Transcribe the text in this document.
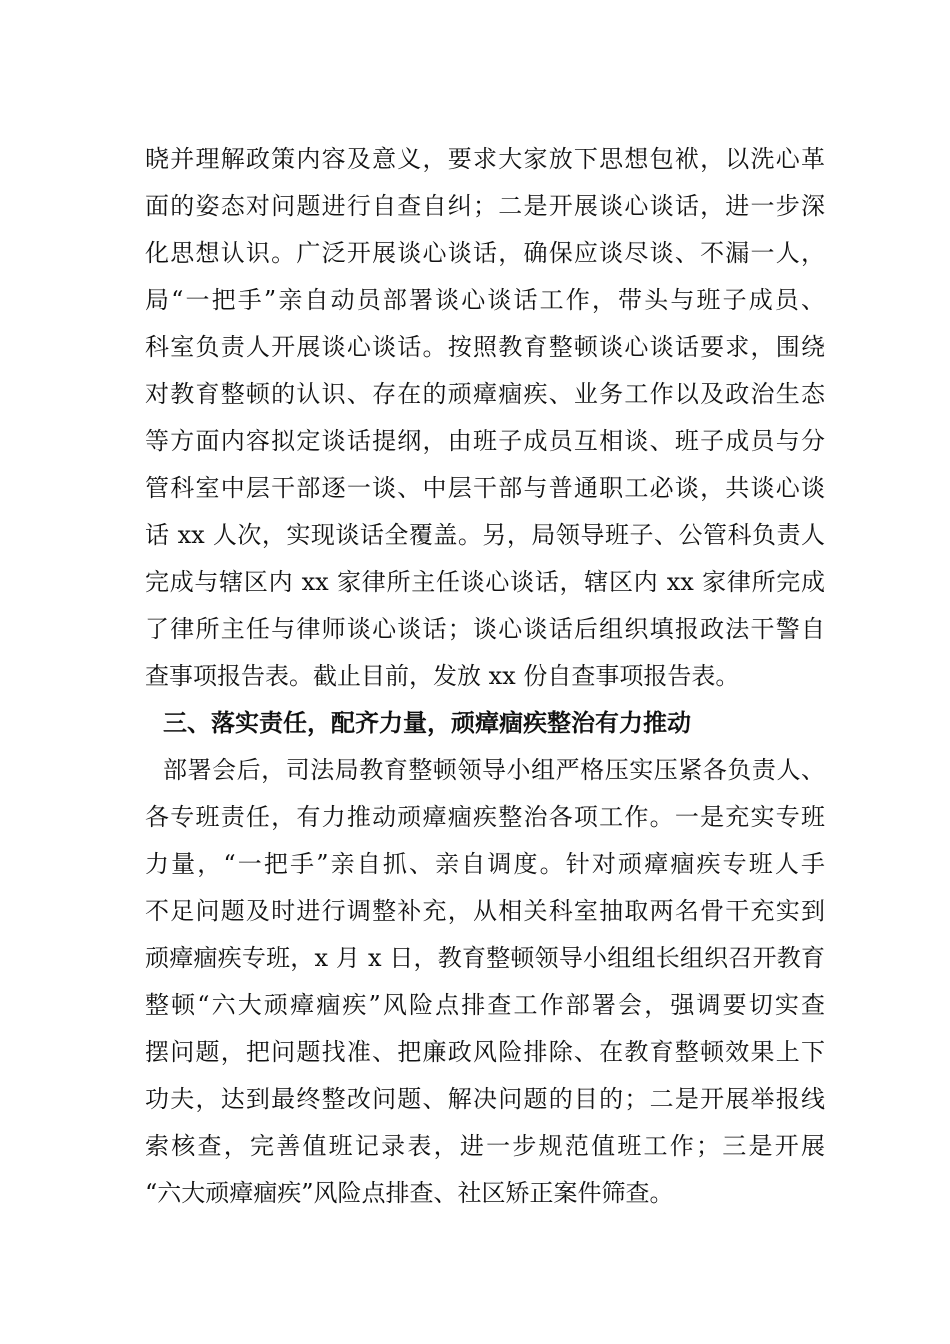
晓并理解政策内容及意义，要求大家放下思想包袱，以洗心革
面的姿态对问题进行自查自纠；二是开展谈心谈话，进一步深
化思想认识。广泛开展谈心谈话，确保应谈尽谈、不漏一人，
局“一把手”亲自动员部署谈心谈话工作，带头与班子成员、
科室负责人开展谈心谈话。按照教育整顿谈心谈话要求，围绕
对教育整顿的认识、存在的顽瘴痼疾、业务工作以及政治生态
等方面内容拟定谈话提纲，由班子成员互相谈、班子成员与分
管科室中层干部逐一谈、中层干部与普通职工必谈，共谈心谈
话 xx 人次，实现谈话全覆盖。另，局领导班子、公管科负责人
完成与辖区内 xx 家律所主任谈心谈话，辖区内 xx 家律所完成
了律所主任与律师谈心谈话；谈心谈话后组织填报政法干警自
查事项报告表。截止目前，发放 xx 份自查事项报告表。
三、落实责任，配齐力量，顽瘴痼疾整治有力推动
部署会后，司法局教育整顿领导小组严格压实压紧各负责人、
各专班责任，有力推动顽瘴痼疾整治各项工作。一是充实专班
力量，“一把手”亲自抓、亲自调度。针对顽瘴痼疾专班人手
不足问题及时进行调整补充，从相关科室抽取两名骨干充实到
顽瘴痼疾专班，x 月 x 日，教育整顿领导小组组长组织召开教育
整顿“六大顽瘴痼疾”风险点排查工作部署会，强调要切实查
摆问题，把问题找准、把廉政风险排除、在教育整顿效果上下
功夫，达到最终整改问题、解决问题的目的；二是开展举报线
索核查，完善值班记录表，进一步规范值班工作；三是开展
“六大顽瘴痼疾”风险点排查、社区矫正案件筛查。
